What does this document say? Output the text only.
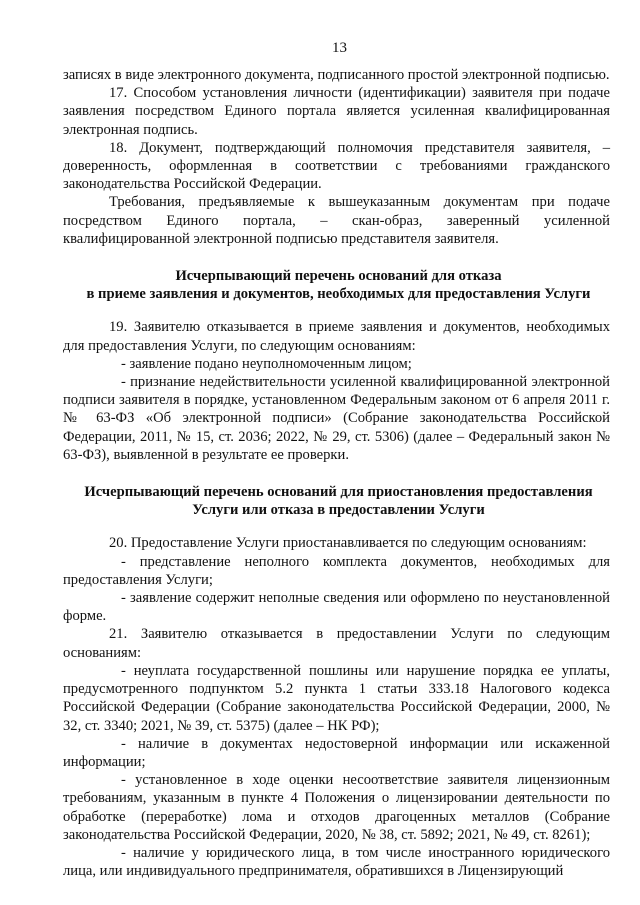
13

записях в виде электронного документа, подписанного простой электронной подписью.

17. Способом установления личности (идентификации) заявителя при подаче заявления посредством Единого портала является усиленная квалифицированная электронная подпись.

18. Документ, подтверждающий полномочия представителя заявителя, – доверенность, оформленная в соответствии с требованиями гражданского законодательства Российской Федерации.

Требования, предъявляемые к вышеуказанным документам при подаче посредством Единого портала, – скан-образ, заверенный усиленной квалифицированной электронной подписью представителя заявителя.

Исчерпывающий перечень оснований для отказа

в приеме заявления и документов, необходимых для предоставления Услуги

19. Заявителю отказывается в приеме заявления и документов, необходимых для предоставления Услуги, по следующим основаниям:

- заявление подано неуполномоченным лицом;

- признание недействительности усиленной квалифицированной электронной подписи заявителя в порядке, установленном Федеральным законом от 6 апреля 2011 г. № 63-ФЗ «Об электронной подписи» (Собрание законодательства Российской Федерации, 2011, № 15, ст. 2036; 2022, № 29, ст. 5306) (далее – Федеральный закон № 63-ФЗ), выявленной в результате ее проверки.

Исчерпывающий перечень оснований для приостановления предоставления

Услуги или отказа в предоставлении Услуги

20. Предоставление Услуги приостанавливается по следующим основаниям:

- представление неполного комплекта документов, необходимых для предоставления Услуги;

- заявление содержит неполные сведения или оформлено по неустановленной форме.

21. Заявителю отказывается в предоставлении Услуги по следующим основаниям:

- неуплата государственной пошлины или нарушение порядка ее уплаты, предусмотренного подпунктом 5.2 пункта 1 статьи 333.18 Налогового кодекса Российской Федерации (Собрание законодательства Российской Федерации, 2000, № 32, ст. 3340; 2021, № 39, ст. 5375) (далее – НК РФ);

- наличие в документах недостоверной информации или искаженной информации;

- установленное в ходе оценки несоответствие заявителя лицензионным требованиям, указанным в пункте 4 Положения о лицензировании деятельности по обработке (переработке) лома и отходов драгоценных металлов (Собрание законодательства Российской Федерации, 2020, № 38, ст. 5892; 2021, № 49, ст. 8261);

- наличие у юридического лица, в том числе иностранного юридического лица, или индивидуального предпринимателя, обратившихся в Лицензирующий
